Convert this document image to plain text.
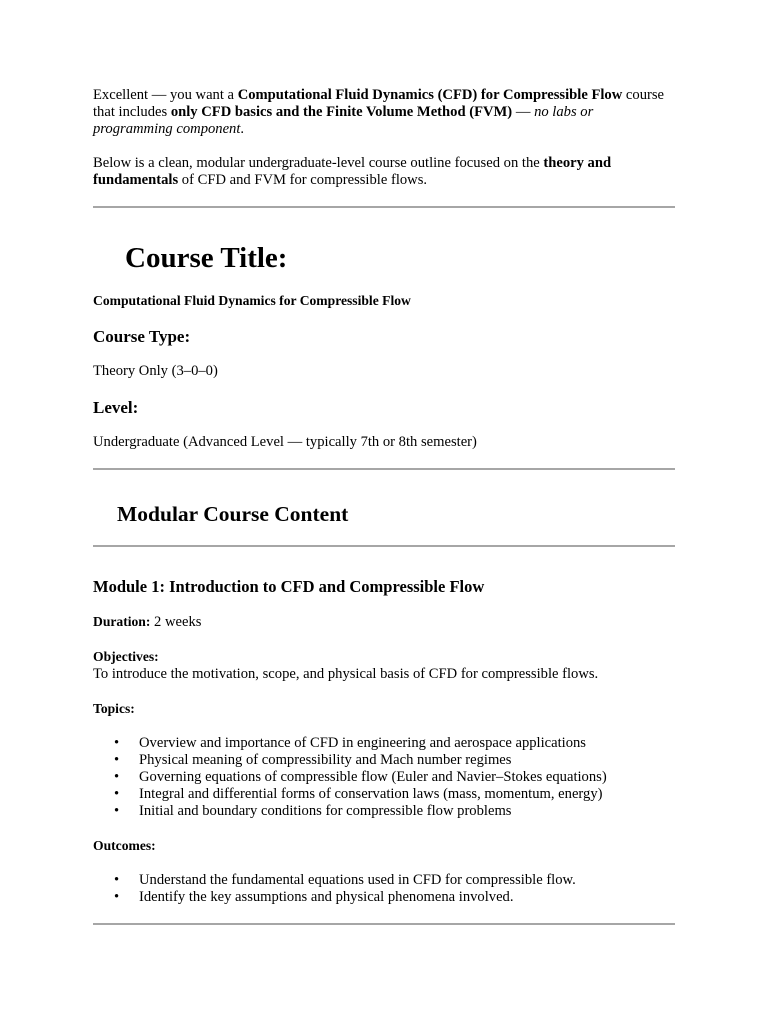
Excellent — you want a Computational Fluid Dynamics (CFD) for Compressible Flow course that includes only CFD basics and the Finite Volume Method (FVM) — no labs or programming component.

Below is a clean, modular undergraduate-level course outline focused on the theory and fundamentals of CFD and FVM for compressible flows.

Course Title:

Computational Fluid Dynamics for Compressible Flow

Course Type:

Theory Only (3–0–0)

Level:

Undergraduate (Advanced Level — typically 7th or 8th semester)

Modular Course Content
Module 1: Introduction to CFD and Compressible Flow

Duration: 2 weeks

Objectives:
To introduce the motivation, scope, and physical basis of CFD for compressible flows.

Topics:

• Overview and importance of CFD in engineering and aerospace applications
• Physical meaning of compressibility and Mach number regimes
• Governing equations of compressible flow (Euler and Navier–Stokes equations)
• Integral and differential forms of conservation laws (mass, momentum, energy)
• Initial and boundary conditions for compressible flow problems

Outcomes:

• Understand the fundamental equations used in CFD for compressible flow.
• Identify the key assumptions and physical phenomena involved.
